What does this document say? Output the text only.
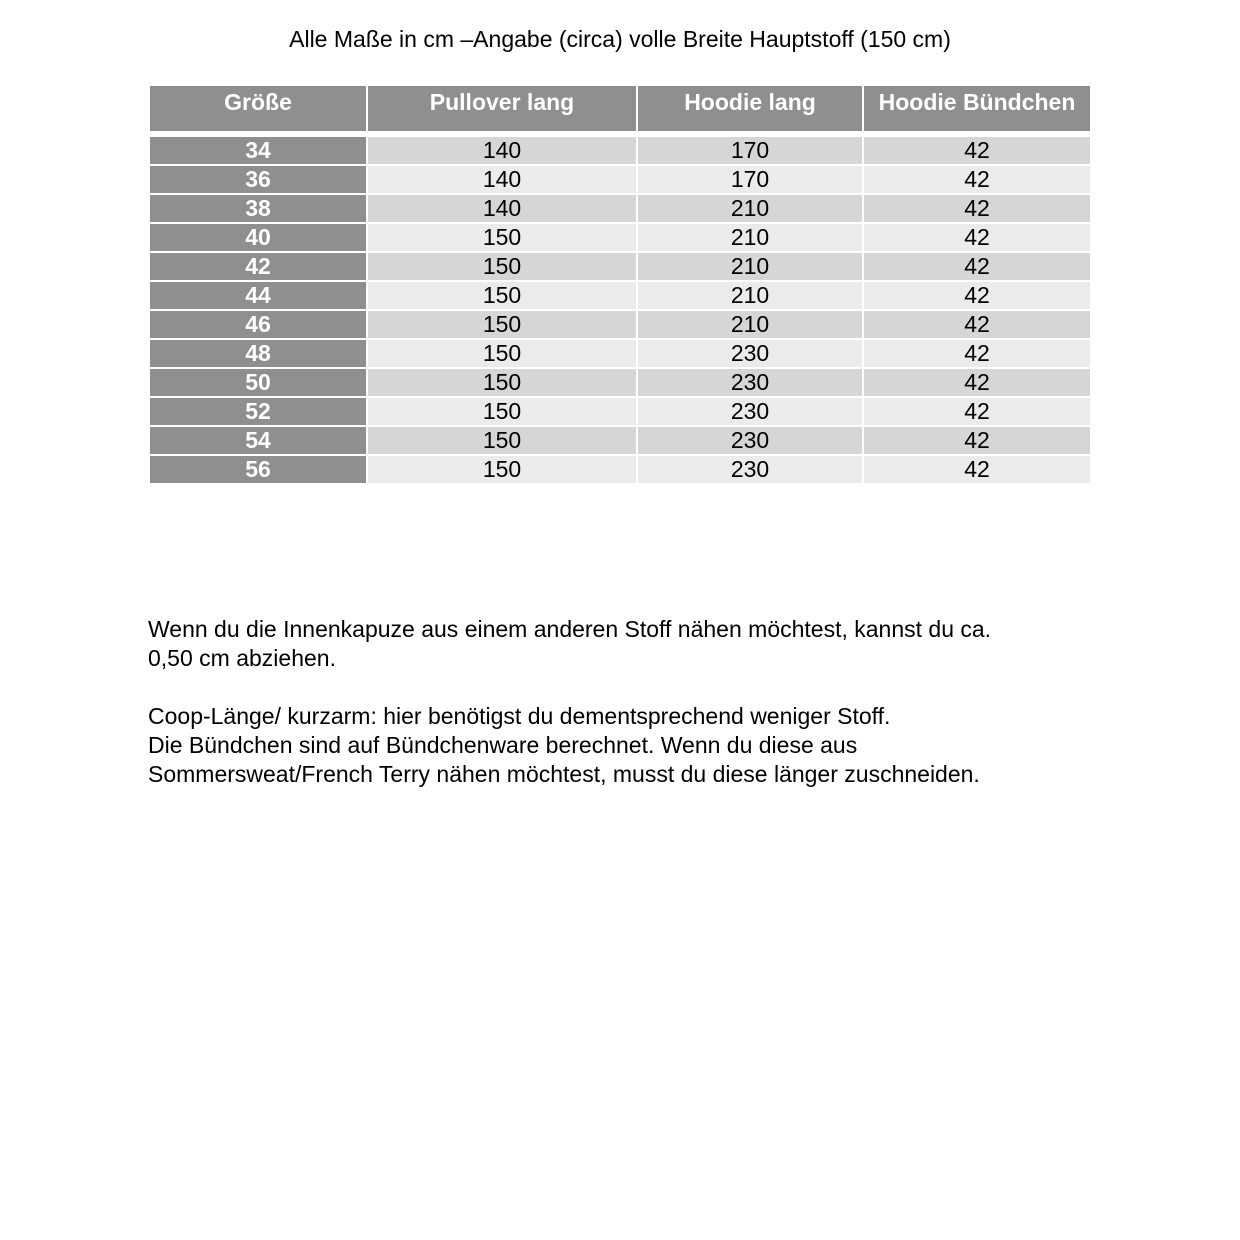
Alle Maße in cm –Angabe (circa) volle Breite Hauptstoff (150 cm)
Größe	Pullover lang	Hoodie lang	Hoodie Bündchen

34	140	170	42
36	140	170	42
38	140	210	42
40	150	210	42
42	150	210	42
44	150	210	42
46	150	210	42
48	150	230	42
50	150	230	42
52	150	230	42
54	150	230	42
56	150	230	42

Wenn du die Innenkapuze aus einem anderen Stoff nähen möchtest, kannst du ca.

0,50 cm abziehen.

Coop-Länge/ kurzarm: hier benötigst du dementsprechend weniger Stoff.

Die Bündchen sind auf Bündchenware berechnet. Wenn du diese aus

Sommersweat/French Terry nähen möchtest, musst du diese länger zuschneiden.
